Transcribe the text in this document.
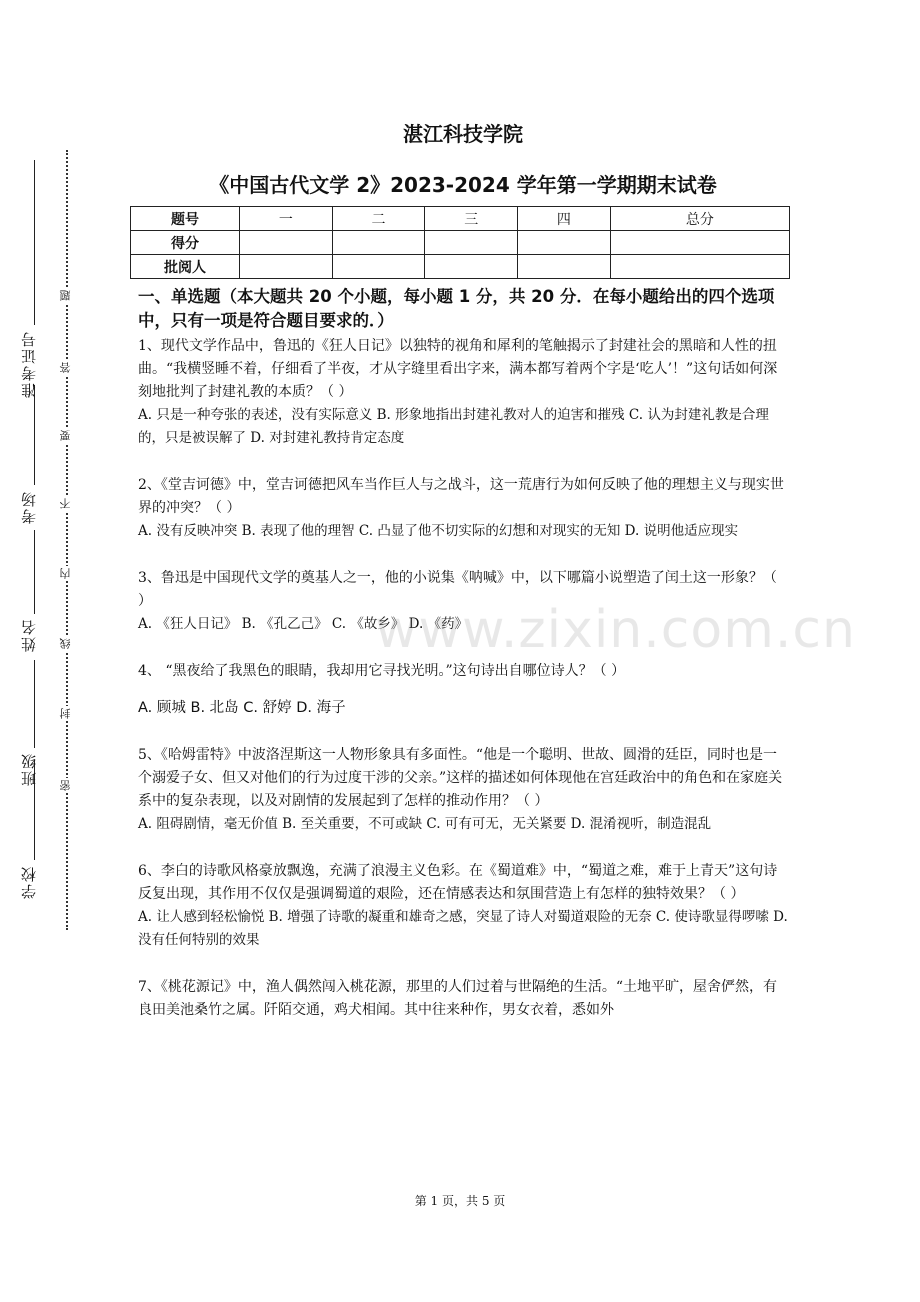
学校
班级
姓名
考场
准考证号
密
封
线
内
不
要
答
题
湛江科技学院
《中国古代文学 2》2023-2024 学年第一学期期末试卷
题号	一	二	三	四	总分
得分					
批阅人					
一、单选题（本大题共 20 个小题，每小题 1 分，共 20 分．在每小题给出的四个选项中，只有一项是符合题目要求的．）

1、现代文学作品中，鲁迅的《狂人日记》以独特的视角和犀利的笔触揭示了封建社会的黑暗和人性的扭曲。“我横竖睡不着，仔细看了半夜，才从字缝里看出字来，满本都写着两个字是‘吃人’！”这句话如何深刻地批判了封建礼教的本质？（ ）

A. 只是一种夸张的表述，没有实际意义 B. 形象地指出封建礼教对人的迫害和摧残 C. 认为封建礼教是合理的，只是被误解了 D. 对封建礼教持肯定态度

2、《堂吉诃德》中，堂吉诃德把风车当作巨人与之战斗，这一荒唐行为如何反映了他的理想主义与现实世界的冲突？（ ）

A. 没有反映冲突 B. 表现了他的理智 C. 凸显了他不切实际的幻想和对现实的无知 D. 说明他适应现实

3、鲁迅是中国现代文学的奠基人之一，他的小说集《呐喊》中，以下哪篇小说塑造了闰土这一形象？（ ）

A. 《狂人日记》 B. 《孔乙己》 C. 《故乡》 D. 《药》

4、 “黑夜给了我黑色的眼睛，我却用它寻找光明。”这句诗出自哪位诗人？（ ）

A. 顾城 B. 北岛 C. 舒婷 D. 海子

5、《哈姆雷特》中波洛涅斯这一人物形象具有多面性。“他是一个聪明、世故、圆滑的廷臣，同时也是一个溺爱子女、但又对他们的行为过度干涉的父亲。”这样的描述如何体现他在宫廷政治中的角色和在家庭关系中的复杂表现，以及对剧情的发展起到了怎样的推动作用？（ ）

A. 阻碍剧情，毫无价值 B. 至关重要，不可或缺 C. 可有可无，无关紧要 D. 混淆视听，制造混乱

6、李白的诗歌风格豪放飘逸，充满了浪漫主义色彩。在《蜀道难》中，“蜀道之难，难于上青天”这句诗反复出现，其作用不仅仅是强调蜀道的艰险，还在情感表达和氛围营造上有怎样的独特效果？（ ）

A. 让人感到轻松愉悦 B. 增强了诗歌的凝重和雄奇之感，突显了诗人对蜀道艰险的无奈 C. 使诗歌显得啰嗦 D. 没有任何特别的效果

7、《桃花源记》中，渔人偶然闯入桃花源，那里的人们过着与世隔绝的生活。“土地平旷，屋舍俨然，有良田美池桑竹之属。阡陌交通，鸡犬相闻。其中往来种作，男女衣着，悉如外

www.zixin.com.cn
第 1 页，共 5 页
